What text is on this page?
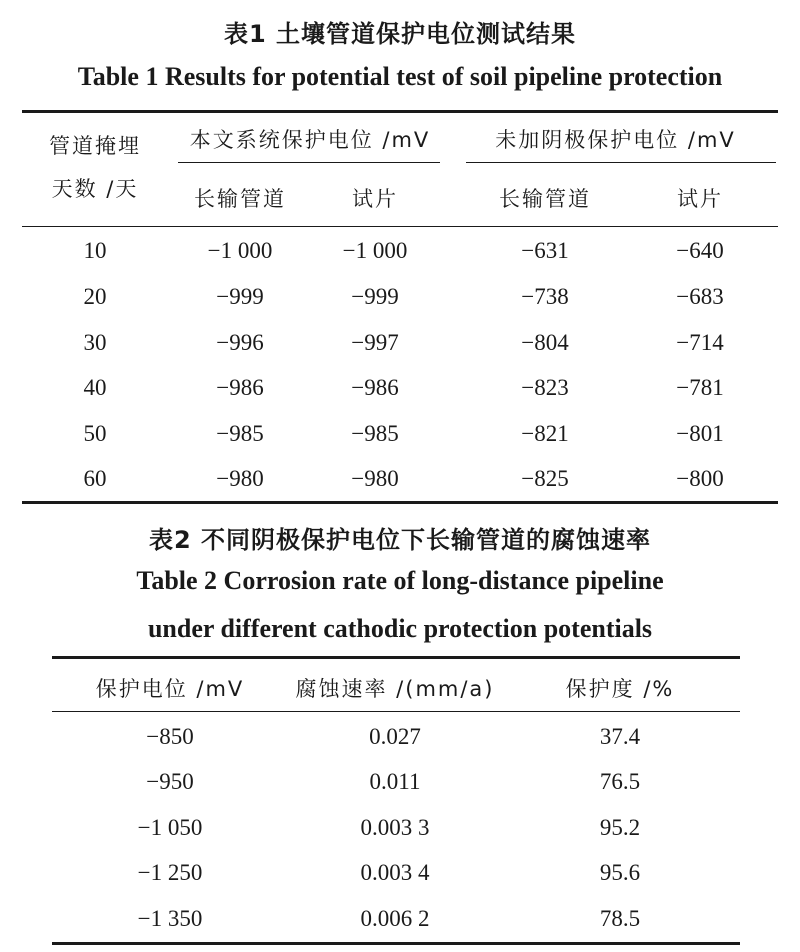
表1 土壤管道保护电位测试结果
Table 1 Results for potential test of soil pipeline protection
管道掩埋
天数 /天
本文系统保护电位 /mV	未加阴极保护电位 /mV
长输管道	试片	长输管道	试片
10	−1 000	−1 000	−631	−640
20	−999	−999	−738	−683
30	−996	−997	−804	−714
40	−986	−986	−823	−781
50	−985	−985	−821	−801
60	−980	−980	−825	−800
表2 不同阴极保护电位下长输管道的腐蚀速率
Table 2 Corrosion rate of long-distance pipeline
under different cathodic protection potentials
保护电位 /mV	腐蚀速率 /(mm/a)	保护度 /%
−850	0.027	37.4
−950	0.011	76.5
−1 050	0.003 3	95.2
−1 250	0.003 4	95.6
−1 350	0.006 2	78.5
